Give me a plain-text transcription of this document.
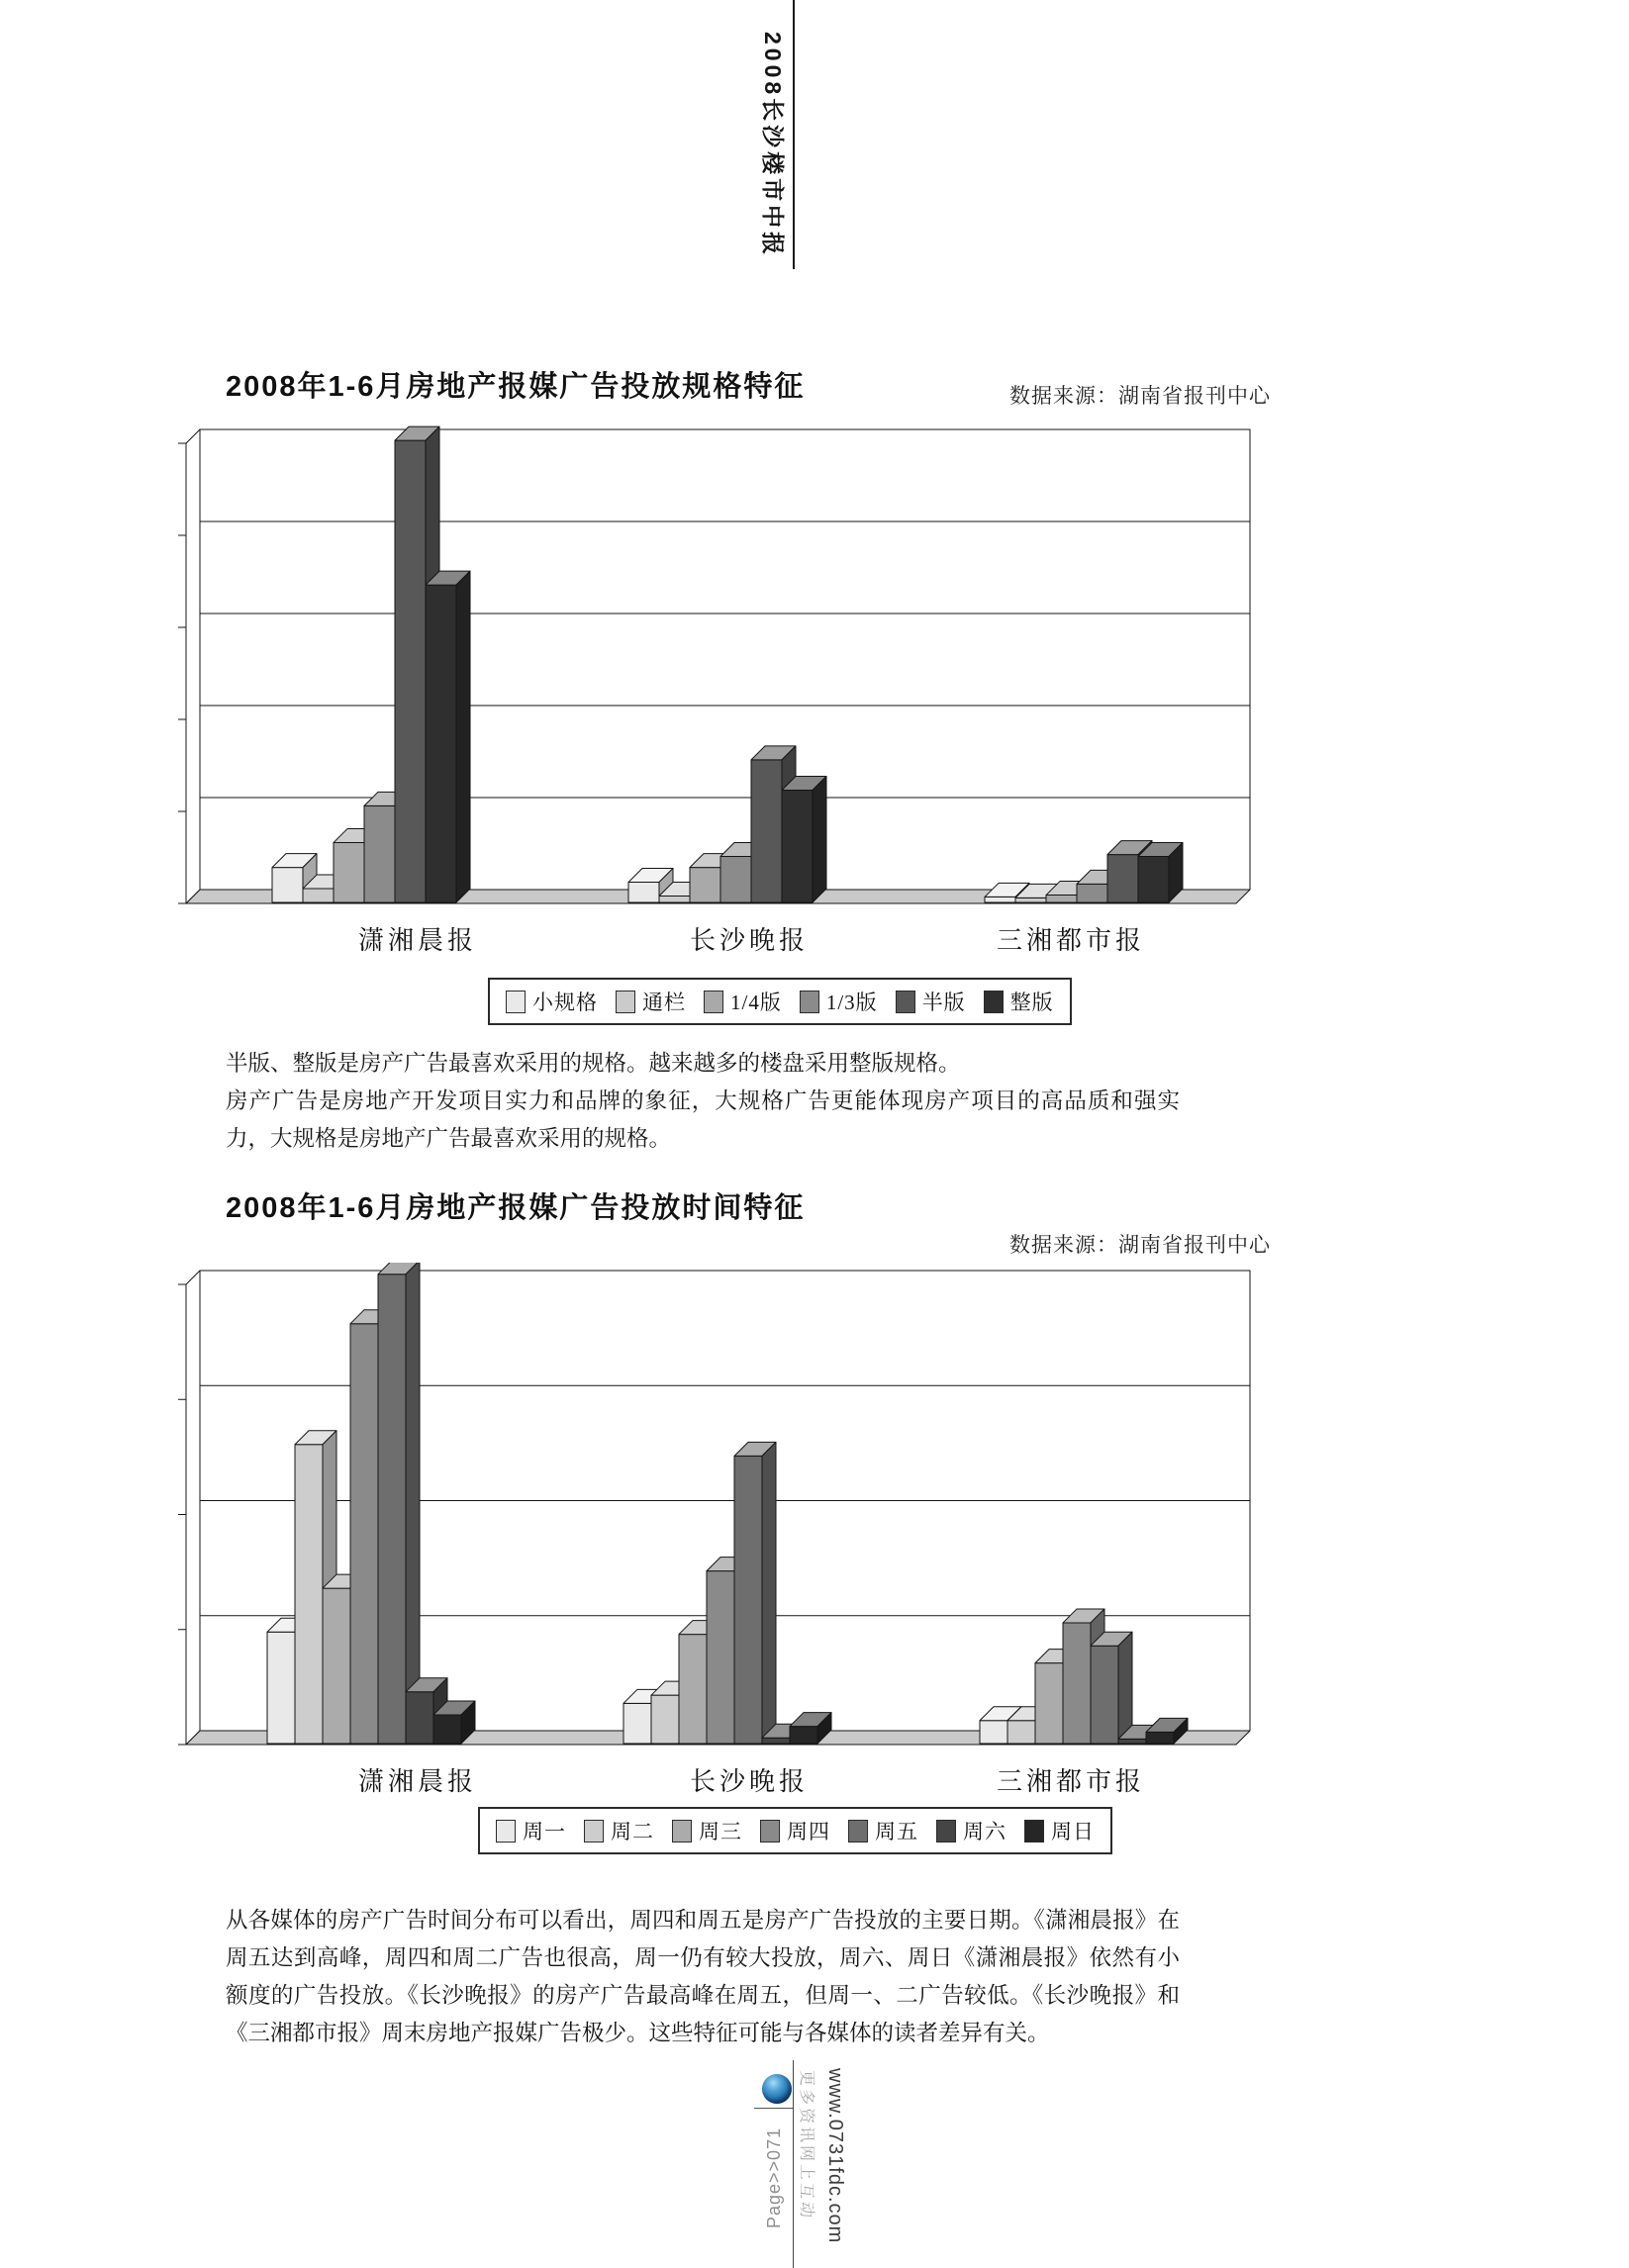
2008长沙楼市中报
2008年1-6月房地产报媒广告投放规格特征	数据来源：湖南省报刊中心
潇湘晨报	长沙晚报	三湘都市报
小规格 通栏 1/4版 1/3版 半版 整版
半版、整版是房产广告最喜欢采用的规格。越来越多的楼盘采用整版规格。
房产广告是房地产开发项目实力和品牌的象征，大规格广告更能体现房产项目的高品质和强实力，大规格是房地产广告最喜欢采用的规格。
2008年1-6月房地产报媒广告投放时间特征
数据来源：湖南省报刊中心
潇湘晨报	长沙晚报	三湘都市报
周一 周二 周三 周四 周五 周六 周日
从各媒体的房产广告时间分布可以看出，周四和周五是房产广告投放的主要日期。《潇湘晨报》在周五达到高峰，周四和周二广告也很高，周一仍有较大投放，周六、周日《潇湘晨报》依然有小额度的广告投放。《长沙晚报》的房产广告最高峰在周五，但周一、二广告较低。《长沙晚报》和《三湘都市报》周末房地产报媒广告极少。这些特征可能与各媒体的读者差异有关。
更多资讯网上互动 www.0731fdc.com
Page>>071
